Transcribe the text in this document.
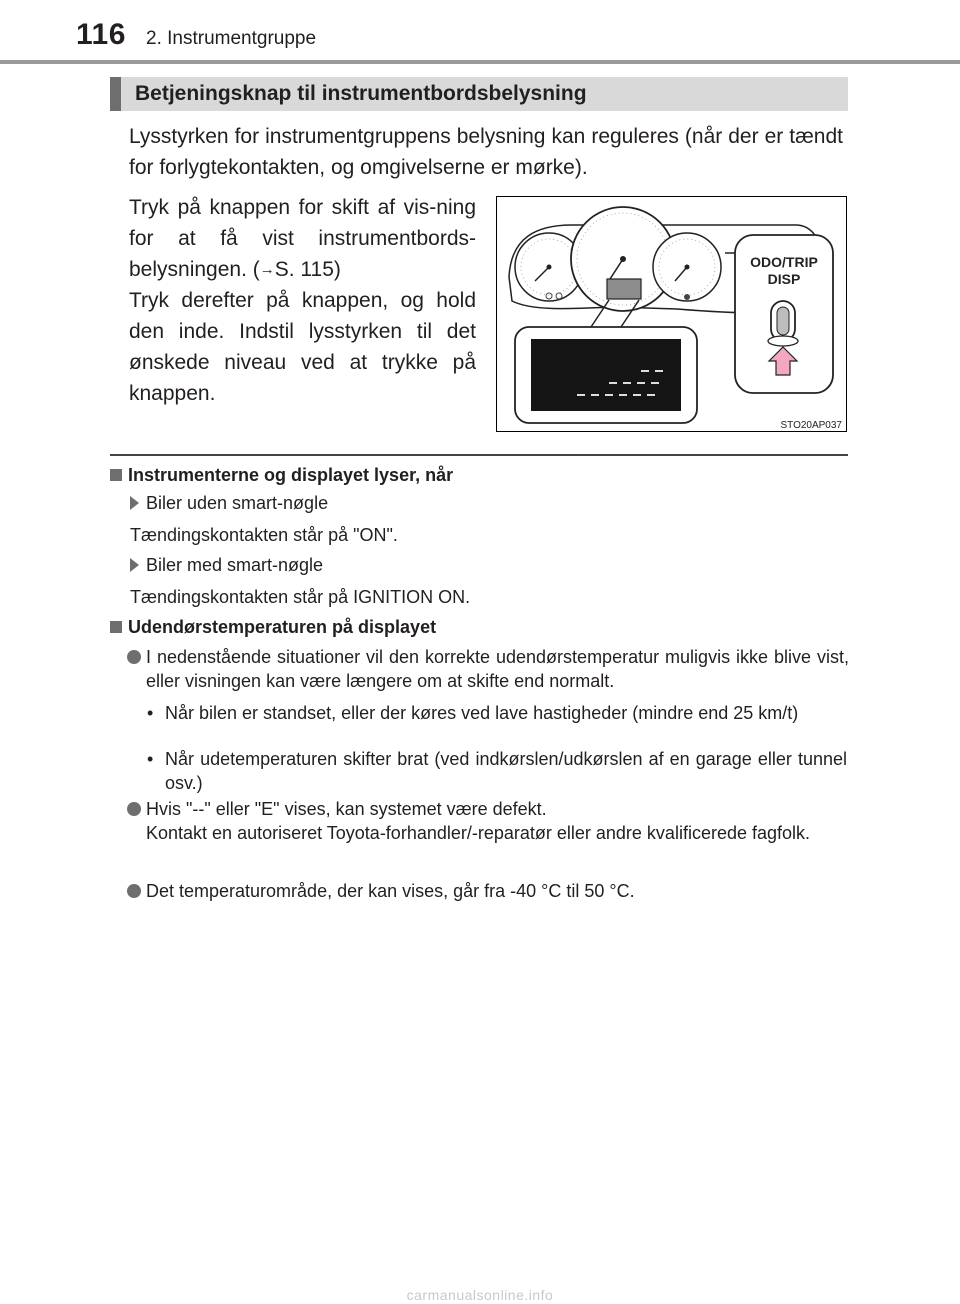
116 2. Instrumentgruppe
Betjeningsknap til instrumentbordsbelysning
Lysstyrken for instrumentgruppens belysning kan reguleres (når der er tændt for forlygtekontakten, og omgivelserne er mørke).

Tryk på knappen for skift af vis-ning for at få vist instrumentbords-belysningen. (→S. 115)

Tryk derefter på knappen, og hold den inde. Indstil lysstyrken til det ønskede niveau ved at trykke på knappen.

ODO/TRIP
DISP
STO20AP037
Instrumenterne og displayet lyser, når
Biler uden smart-nøgle
Tændingskontakten står på "ON".
Biler med smart-nøgle
Tændingskontakten står på IGNITION ON.
Udendørstemperaturen på displayet
I nedenstående situationer vil den korrekte udendørstemperatur muligvis ikke blive vist, eller visningen kan være længere om at skifte end normalt.
• Når bilen er standset, eller der køres ved lave hastigheder (mindre end 25 km/t)
• Når udetemperaturen skifter brat (ved indkørslen/udkørslen af en garage eller tunnel osv.)
Hvis "--" eller "E" vises, kan systemet være defekt.
Kontakt en autoriseret Toyota-forhandler/-reparatør eller andre kvalificerede fagfolk.
Det temperaturområde, der kan vises, går fra -40 °C til 50 °C.
carmanualsonline.info
